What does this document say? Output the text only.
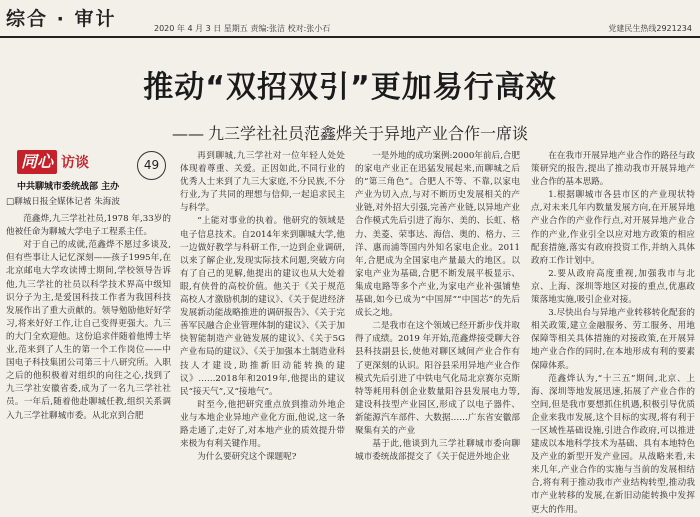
综合 · 审计	2020 年 4 月 3 日 星期五 责编:张洁 校对:张小石	党建民生热线2921234
推动“双招双引”更加易行高效
—— 九三学社社员范鑫烨关于异地产业合作一席谈
同心 访谈
中共聊城市委统战部 主办
49

□聊城日报全媒体记者 朱海波

范鑫烨,九三学社社员,1978 年,33岁的他被任命为聊城大学电子工程系主任。

对于自己的成就,范鑫烨不愿过多谈及,但有些事让人记忆深刻——孩子1995年,在北京邮电大学攻读博士期间,学校领导告诉他,九三学社的社员以科学技术界高中级知识分子为主,是爱国科技工作者为我国科技发展作出了重大贡献的。领导勉励他好好学习,将来好好工作,让自己变得更强大。九三的大门全欢迎他。这份追求伴随着他博士毕业,范来到了人生的第一个工作岗位——中国电子科技集团公司第三十八研究所。入职之后的他积极着对组织的向往之心,找到了九三学社安徽省委,成为了一名九三学社社员。一年后,随着他赴聊城任教,组织关系调入九三学社聊城市委。从北京到合肥

再到聊城,九三学社对一位年轻人处处体现着尊重、关爱。正因如此,不同行业的优秀人士来到了九三大家庭,不分民族,不分行业,为了共同的理想与信仰,一起追求民主与科学。

“上能对事业的执着。他研究的领域是电子信息技术。自2014年来到聊城大学,他一边做好教学与科研工作,一边到企业调研,以来了解企业,发现实际技术问题,突破方向有了自己的见解,他提出的建议也从大处着眼,有侠骨的高校价值。他关于《关于规范高校人才激励机制的建议》、《关于促进经济发展新动能战略推进的调研报告》、《关于完善军民融合企业管理体制的建议》、《关于加快智能制造产业链发展的建议》、《关于5G产业布局的建议》、《关于加强本土制造业科技人才建设,助推新旧动能转换的建议》……2018年和2019年,他提出的建议民“接天气”,又“接地气”。

时至今,他把研究重点放到推动外地企业与本地企业异地产业化方面,他说,这一条路走通了,走好了,对本地产业的质效提升带来极为有利关键作用。

为什么要研究这个课题呢?

一是外地的成功案例:2000年前后,合肥的家电产业正在迅猛发展起来,而聊城之后的“第三角色”。合肥人不等、不靠,以家电产业为切入点,与对不断历史发展相关的产业链,对外招大引强,完善产业链,以异地产业合作模式先后引进了海尔、美的、长虹、格力、美菱、荣事达、海信、奥的、格力、三洋、惠而浦等国内外知名家电企业。2011年,合肥成为全国家电产量最大的地区。以家电产业为基础,合肥不断发展平板显示、集成电路等多个产业,为家电产业补强铺垫基础,如今已成为“中国屏”“中国芯”的先后成长之地。

二是我市在这个领域已经开新步伐并取得了成绩。2019 年开始,范鑫烨接受聊大谷县科技副县长,使他对聊区域间产业合作有了更深刻的认识。阳谷县采用异地产业合作模式先后引进了中铁电气化局北京赛尔克斯特等耗用科创企业数量阳谷县发展电力等,建设科技型产业园区,形成了以电子器件、新能源汽车部件、大数据……广东省安徽部聚集有关的产业

基于此,他谈到九三学社聊城市委向聊城市委统战部提交了《关于促进外地企业

在在我市开展异地产业合作的路径与政策研究的报告,提出了推动我市开展异地产业合作的基本思路。

1.根据聊城市各县市区的产业现状特点,对未来几年内数量发展方向,在开展异地产业合作的产业作行点,对开展异地产业合作的产业,作业引全以应对地方政策的相应配套措施,落实有政府投资工作,并纳入具体政府工作计划中。

2.要从政府高度重视,加强我市与北京、上海、深圳等地区对接的重点,优惠政策落地实施,吸引企业对接。

3.尽快出台与异地产业转移转化配套的相关政策,建立金融服务、劳工服务、用地保障等相关具体措施的对接政策,在开展异地产业合作的同时,在本地形成有利的要素保障体系。

范鑫烨认为,“十三五”期间,北京、上海、深圳等地发展迅速,拓展了产业合作的空间,但是我市要想抓住机遇,积极引导优质企业来我市发展,这个目标的实现,将有利于一区域性基础设施,引进合作政府,可以推进建成以本地科学技术为基础、具有本地特色及产业的新型开发产业园。从战略来看,未来几年,产业合作的实施与当前的发展相结合,将有利于推动我市产业结构转型,推动我市产业转移的发展,在新旧动能转换中发挥更大的作用。
